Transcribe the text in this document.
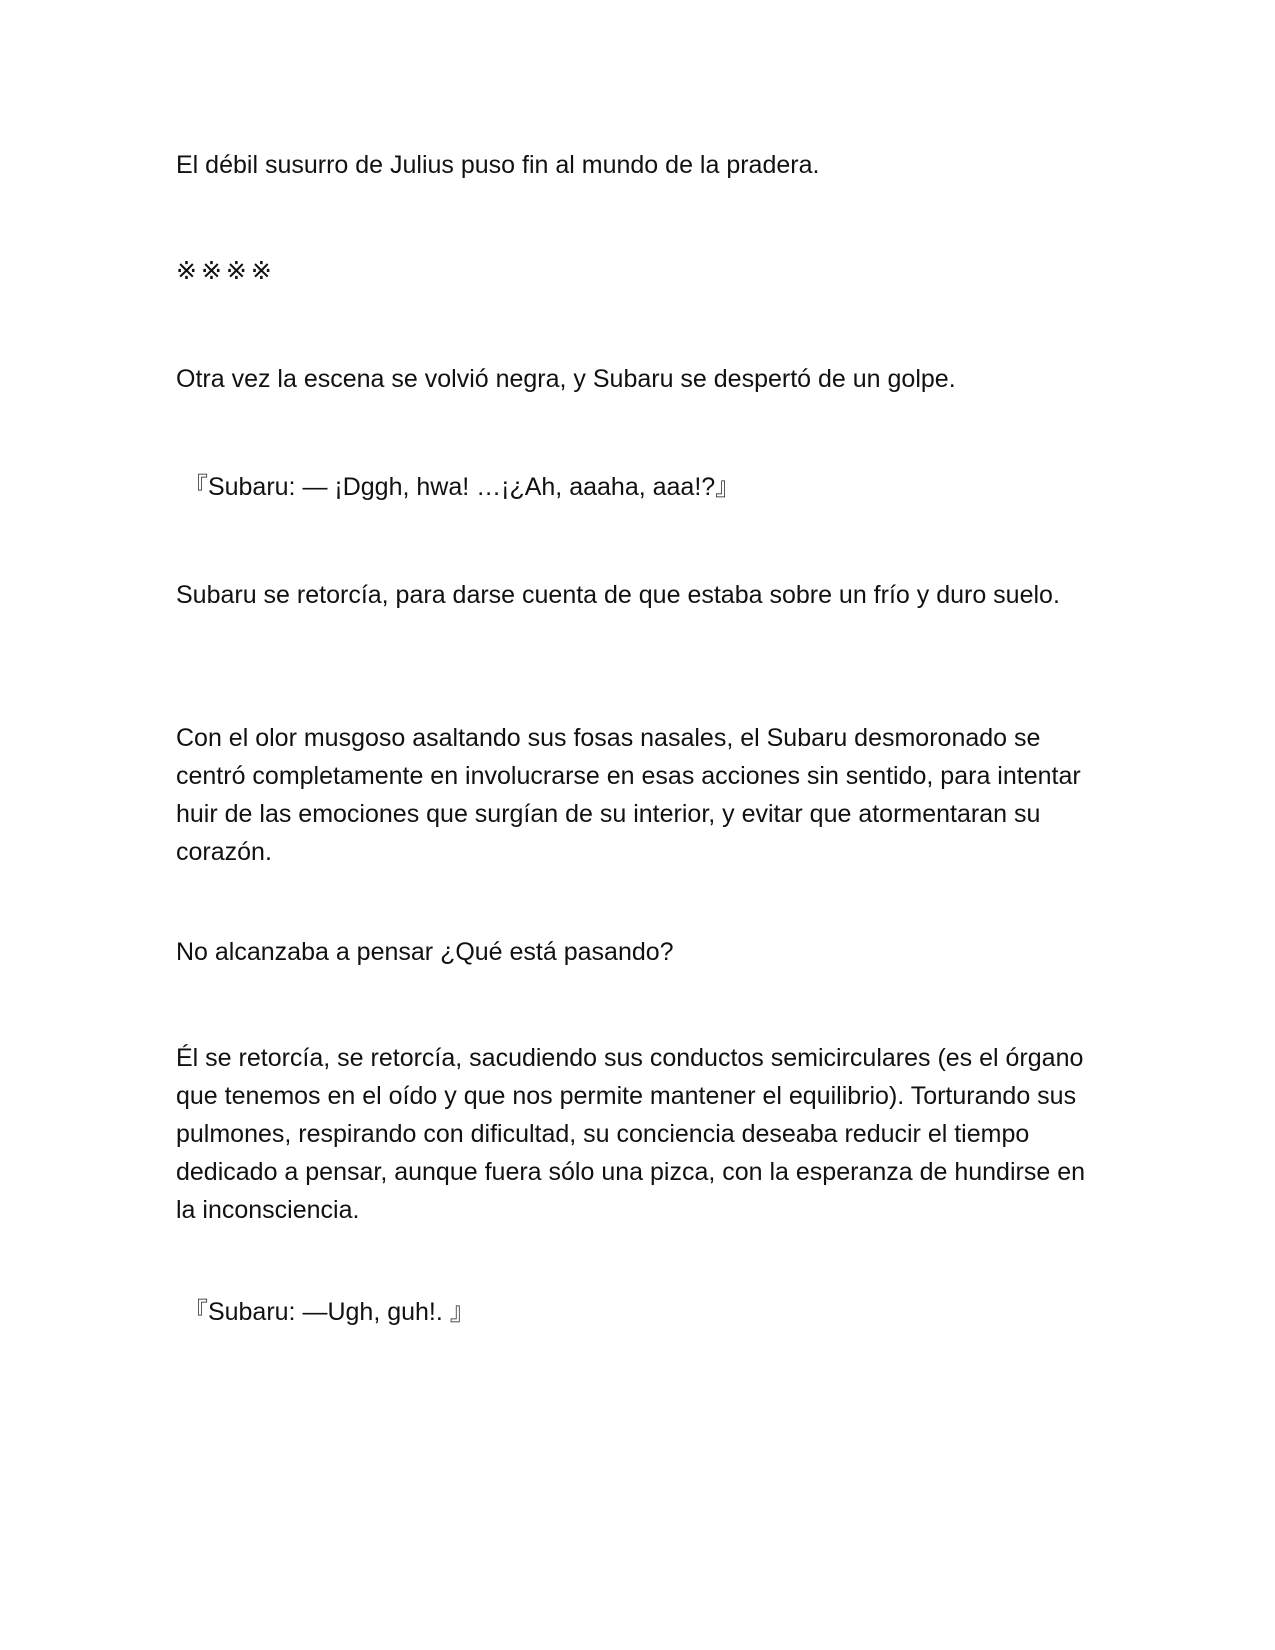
El débil susurro de Julius puso fin al mundo de la pradera.

※※※※

Otra vez la escena se volvió negra, y Subaru se despertó de un golpe.

『Subaru: — ¡Dggh, hwa! …¡¿Ah, aaaha, aaa!?』

Subaru se retorcía, para darse cuenta de que estaba sobre un frío y duro suelo.

Con el olor musgoso asaltando sus fosas nasales, el Subaru desmoronado se centró completamente en involucrarse en esas acciones sin sentido, para intentar huir de las emociones que surgían de su interior, y evitar que atormentaran su corazón.

No alcanzaba a pensar ¿Qué está pasando?

Él se retorcía, se retorcía, sacudiendo sus conductos semicirculares (es el órgano que tenemos en el oído y que nos permite mantener el equilibrio). Torturando sus pulmones, respirando con dificultad, su conciencia deseaba reducir el tiempo dedicado a pensar, aunque fuera sólo una pizca, con la esperanza de hundirse en la inconsciencia.

『Subaru: —Ugh, guh!. 』
